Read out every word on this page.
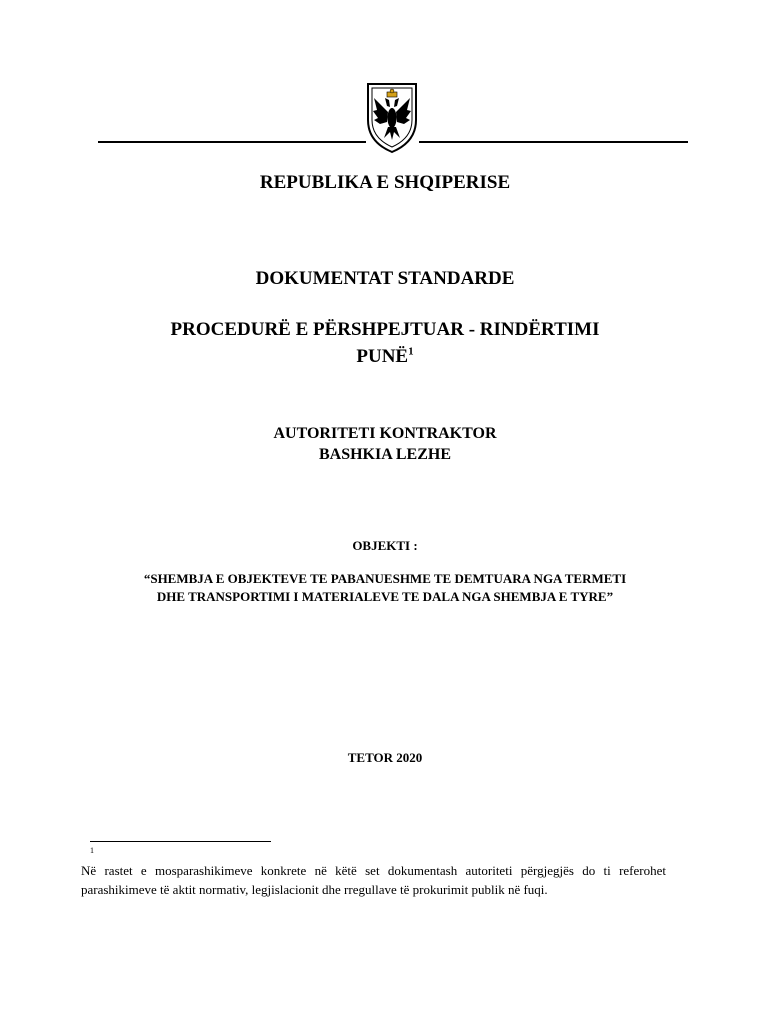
REPUBLIKA E SHQIPERISE
DOKUMENTAT STANDARDE
PROCEDURË E PËRSHPEJTUAR - RINDËRTIMI
PUNË$^1$
AUTORITETI KONTRAKTOR
BASHKIA LEZHE
OBJEKTI :
“SHEMBJA E OBJEKTEVE TE PABANUESHME TE DEMTUARA NGA TERMETI
DHE TRANSPORTIMI I MATERIALEVE TE DALA NGA SHEMBJA E TYRE”
TETOR 2020
1
Në rastet e mosparashikimeve konkrete në këtë set dokumentash autoriteti përgjegjës do ti referohet parashikimeve të aktit normativ, legjislacionit dhe rregullave të prokurimit publik në fuqi.
